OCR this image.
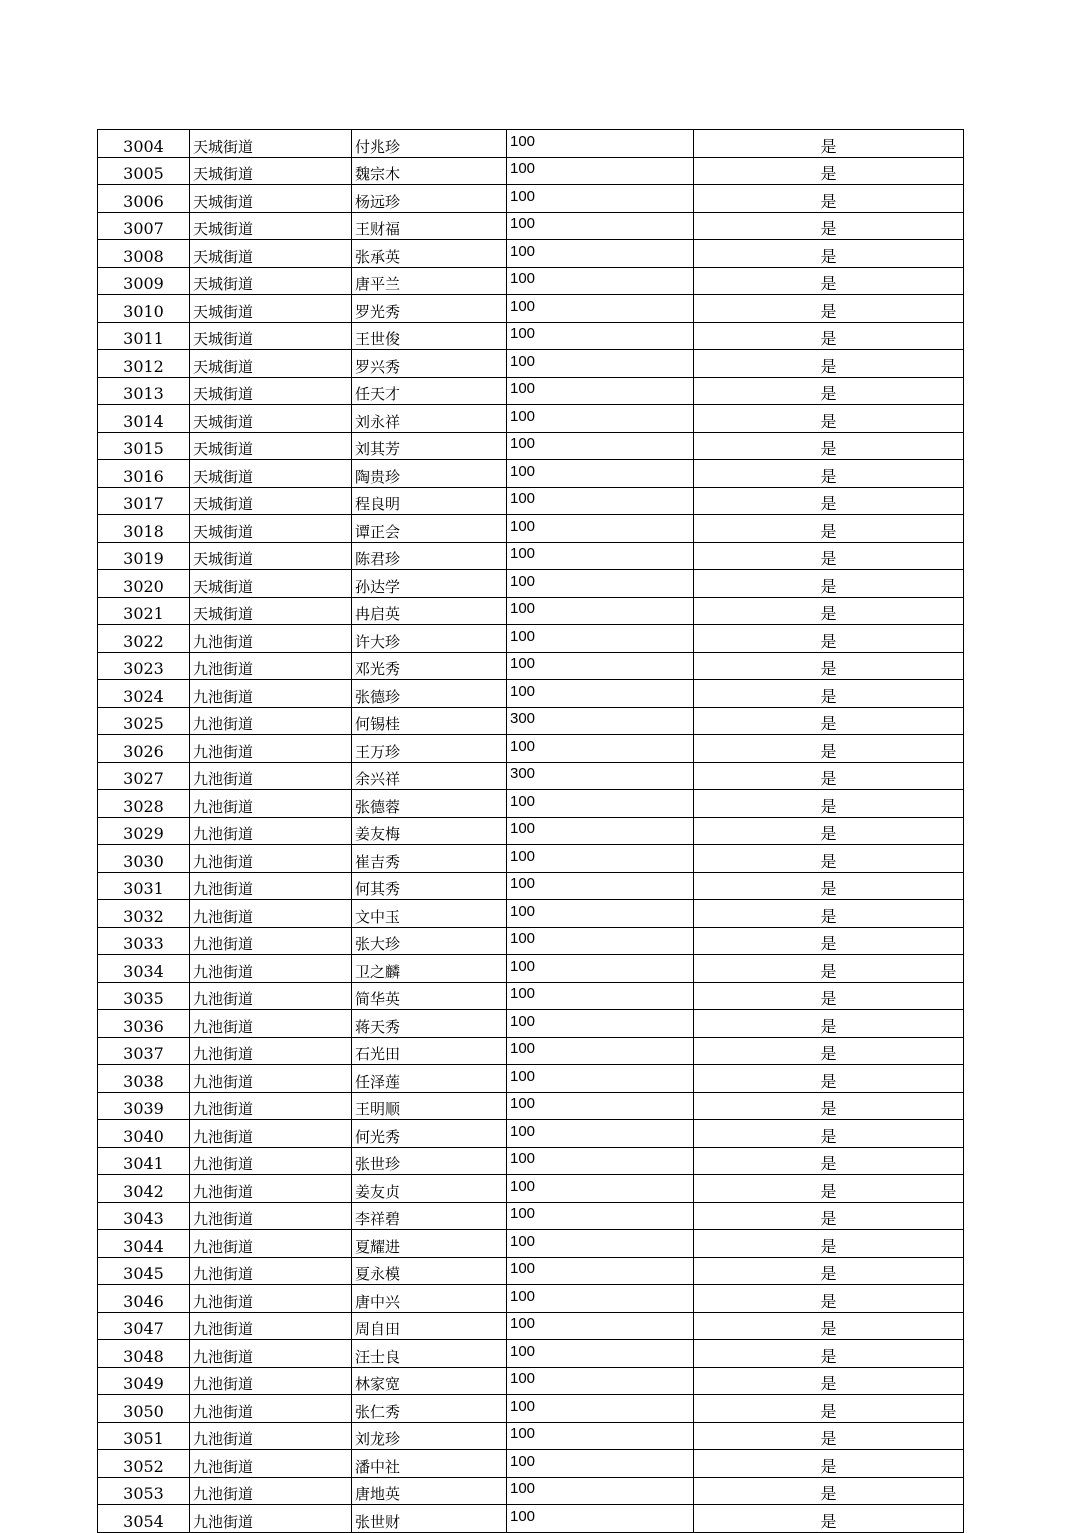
3004	天城街道	付兆珍	100	是
3005	天城街道	魏宗木	100	是
3006	天城街道	杨远珍	100	是
3007	天城街道	王财福	100	是
3008	天城街道	张承英	100	是
3009	天城街道	唐平兰	100	是
3010	天城街道	罗光秀	100	是
3011	天城街道	王世俊	100	是
3012	天城街道	罗兴秀	100	是
3013	天城街道	任天才	100	是
3014	天城街道	刘永祥	100	是
3015	天城街道	刘其芳	100	是
3016	天城街道	陶贵珍	100	是
3017	天城街道	程良明	100	是
3018	天城街道	谭正会	100	是
3019	天城街道	陈君珍	100	是
3020	天城街道	孙达学	100	是
3021	天城街道	冉启英	100	是
3022	九池街道	许大珍	100	是
3023	九池街道	邓光秀	100	是
3024	九池街道	张德珍	100	是
3025	九池街道	何锡桂	300	是
3026	九池街道	王万珍	100	是
3027	九池街道	余兴祥	300	是
3028	九池街道	张德蓉	100	是
3029	九池街道	姜友梅	100	是
3030	九池街道	崔吉秀	100	是
3031	九池街道	何其秀	100	是
3032	九池街道	文中玉	100	是
3033	九池街道	张大珍	100	是
3034	九池街道	卫之麟	100	是
3035	九池街道	简华英	100	是
3036	九池街道	蒋天秀	100	是
3037	九池街道	石光田	100	是
3038	九池街道	任泽莲	100	是
3039	九池街道	王明顺	100	是
3040	九池街道	何光秀	100	是
3041	九池街道	张世珍	100	是
3042	九池街道	姜友贞	100	是
3043	九池街道	李祥碧	100	是
3044	九池街道	夏耀进	100	是
3045	九池街道	夏永模	100	是
3046	九池街道	唐中兴	100	是
3047	九池街道	周自田	100	是
3048	九池街道	汪士良	100	是
3049	九池街道	林家宽	100	是
3050	九池街道	张仁秀	100	是
3051	九池街道	刘龙珍	100	是
3052	九池街道	潘中社	100	是
3053	九池街道	唐地英	100	是
3054	九池街道	张世财	100	是
